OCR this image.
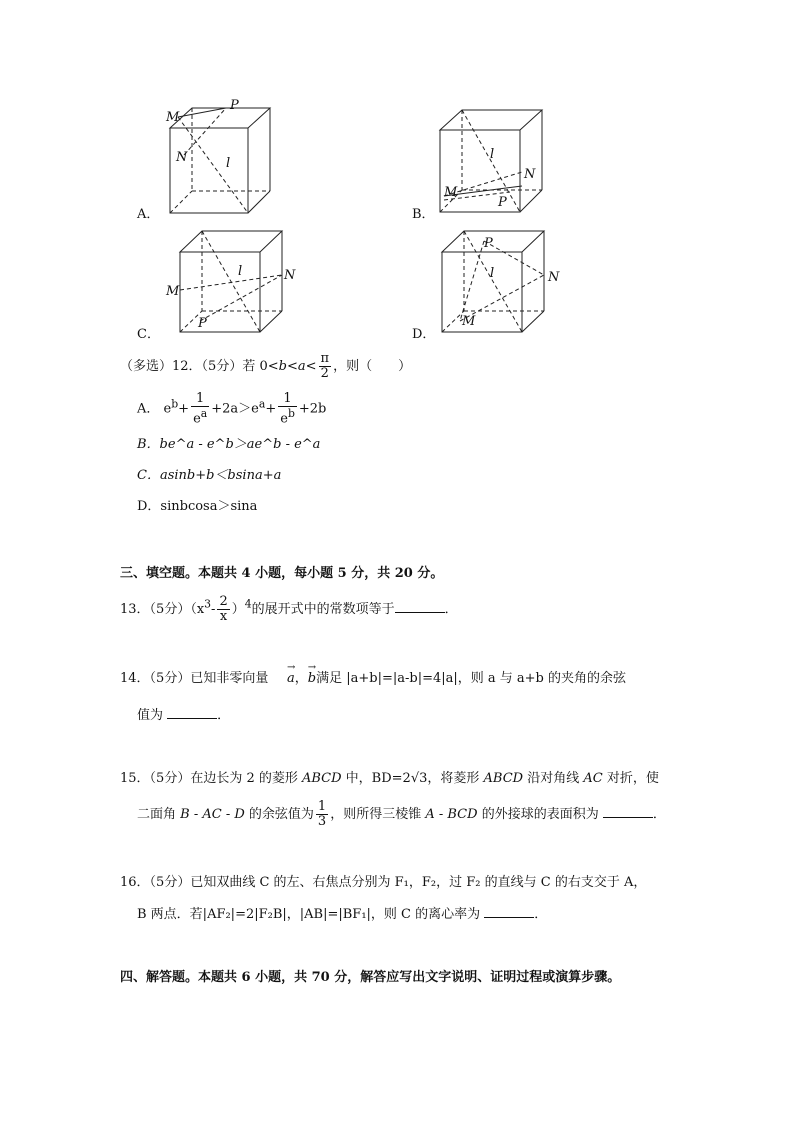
M
P
N	l
A．
l
N
M
P
B．
l	N
M
P
C．
P
l	N
M
D．
（多选）12．（5分）若 $0<b<a< \frac{\pi}{2}$ ，则（　　）
A． $e^b+ \frac{1}{e^a} +2a>e^a+ \frac{1}{e^b} +2b$
B．be^a - e^b＞ae^b - e^a
C．asinb+b＜bsina+a
D．sinbcosa＞sina
三、填空题。本题共 4 小题，每小题 5 分，共 20 分。
13．（5分）$(x^3- \frac{2}{x} )^4$的展开式中的常数项等于	．
14．（5分）已知非零向量
→ a，→ b满足 |a+b|=|a-b|=4|a|，则 a 与 a+b 的夹角的余弦
值为	．
15．（5分）在边长为 2 的菱形 ABCD 中，BD=2√3，将菱形 ABCD 沿对角线 AC 对折，使
二面角 B - AC - D 的余弦值为 $\frac{1}{3}$ ，则所得三棱锥 A - BCD 的外接球的表面积为	．
16．（5分）已知双曲线 C 的左、右焦点分别为 F₁，F₂，过 F₂ 的直线与 C 的右支交于 A，
B 两点．若|AF₂|=2|F₂B|，|AB|=|BF₁|，则 C 的离心率为	．
四、解答题。本题共 6 小题，共 70 分，解答应写出文字说明、证明过程或演算步骤。
